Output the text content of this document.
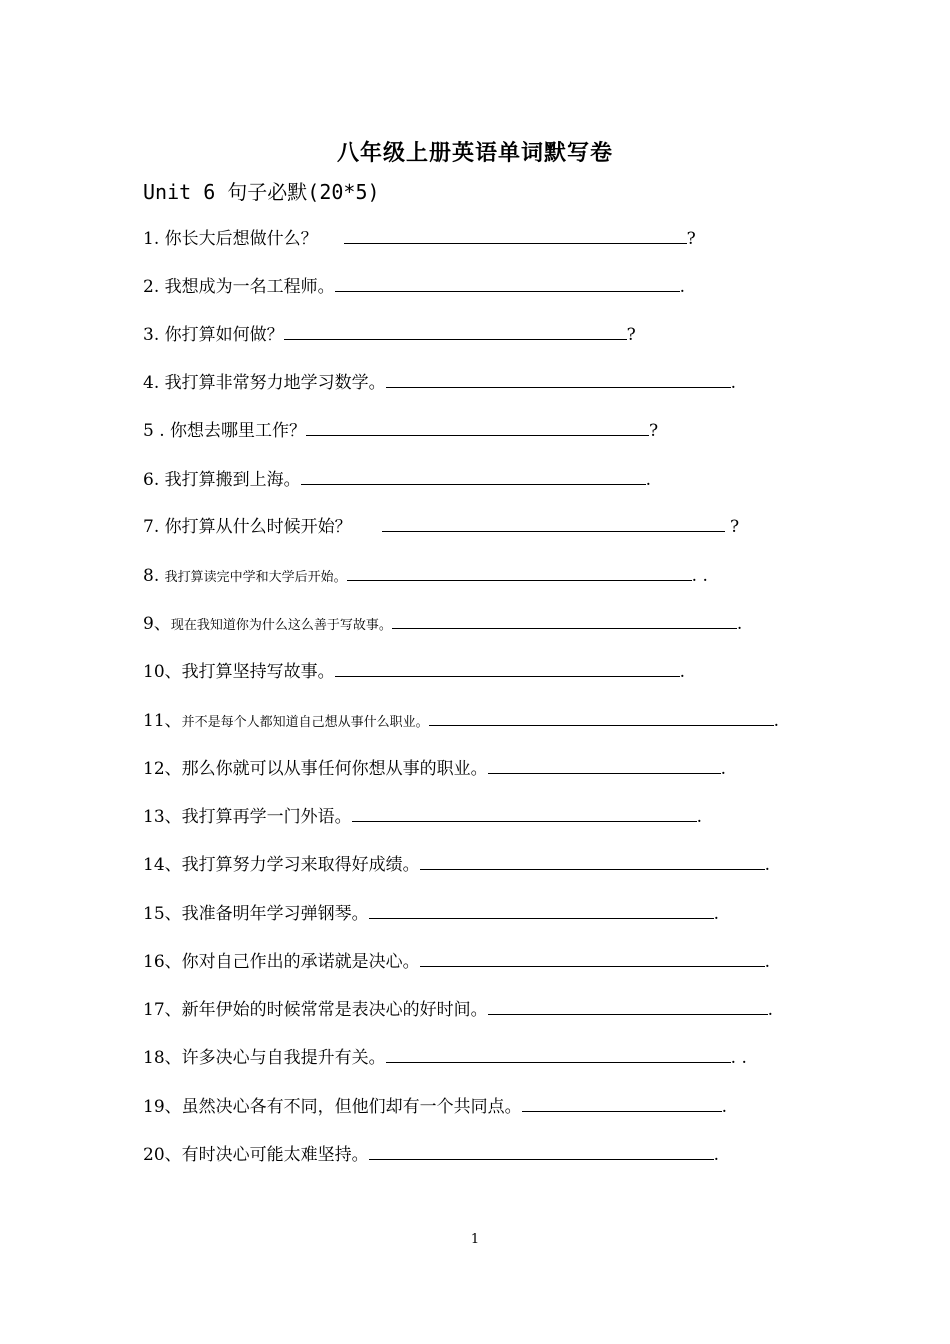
八年级上册英语单词默写卷
Unit 6 句子必默(20*5)
1. 你长大后想做什么？	?
2. 我想成为一名工程师。	.
3. 你打算如何做？	?
4. 我打算非常努力地学习数学。	.
5 . 你想去哪里工作？	?
6. 我打算搬到上海。	.
7. 你打算从什么时候开始？	?
8. 我打算读完中学和大学后开始。	. .
9、现在我知道你为什么这么善于写故事。	.
10、我打算坚持写故事。	.
11、并不是每个人都知道自己想从事什么职业。	.
12、那么你就可以从事任何你想从事的职业。	.
13、我打算再学一门外语。	.
14、我打算努力学习来取得好成绩。	.
15、我准备明年学习弹钢琴。	.
16、你对自己作出的承诺就是决心。	.
17、新年伊始的时候常常是表决心的好时间。	.
18、许多决心与自我提升有关。	. .
19、虽然决心各有不同，但他们却有一个共同点。	.
20、有时决心可能太难坚持。	.
1
